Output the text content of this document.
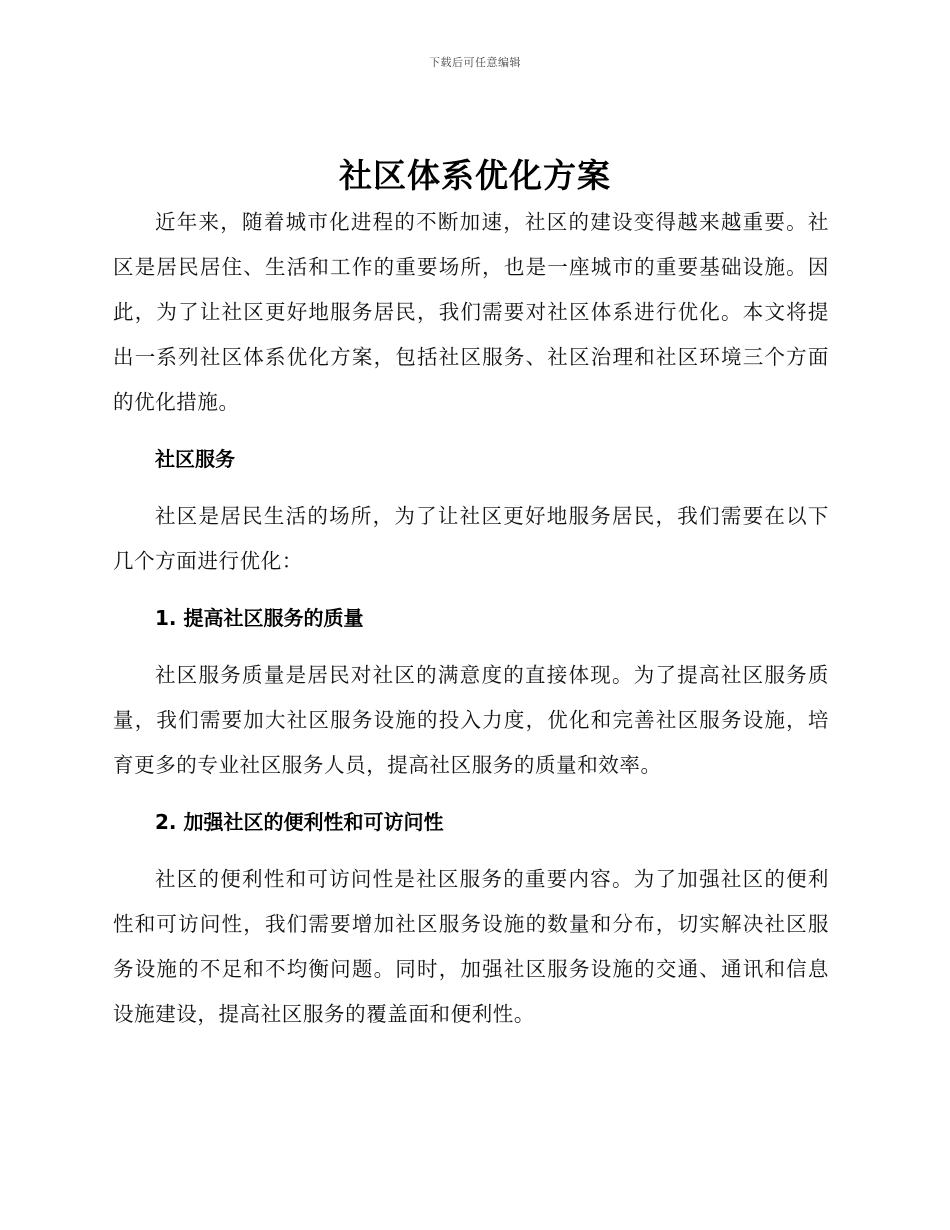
下载后可任意编辑
社区体系优化方案

近年来，随着城市化进程的不断加速，社区的建设变得越来越重要。社区是居民居住、生活和工作的重要场所，也是一座城市的重要基础设施。因此，为了让社区更好地服务居民，我们需要对社区体系进行优化。本文将提出一系列社区体系优化方案，包括社区服务、社区治理和社区环境三个方面的优化措施。

社区服务

社区是居民生活的场所，为了让社区更好地服务居民，我们需要在以下几个方面进行优化：

1. 提高社区服务的质量

社区服务质量是居民对社区的满意度的直接体现。为了提高社区服务质量，我们需要加大社区服务设施的投入力度，优化和完善社区服务设施，培育更多的专业社区服务人员，提高社区服务的质量和效率。

2. 加强社区的便利性和可访问性

社区的便利性和可访问性是社区服务的重要内容。为了加强社区的便利性和可访问性，我们需要增加社区服务设施的数量和分布，切实解决社区服务设施的不足和不均衡问题。同时，加强社区服务设施的交通、通讯和信息设施建设，提高社区服务的覆盖面和便利性。
